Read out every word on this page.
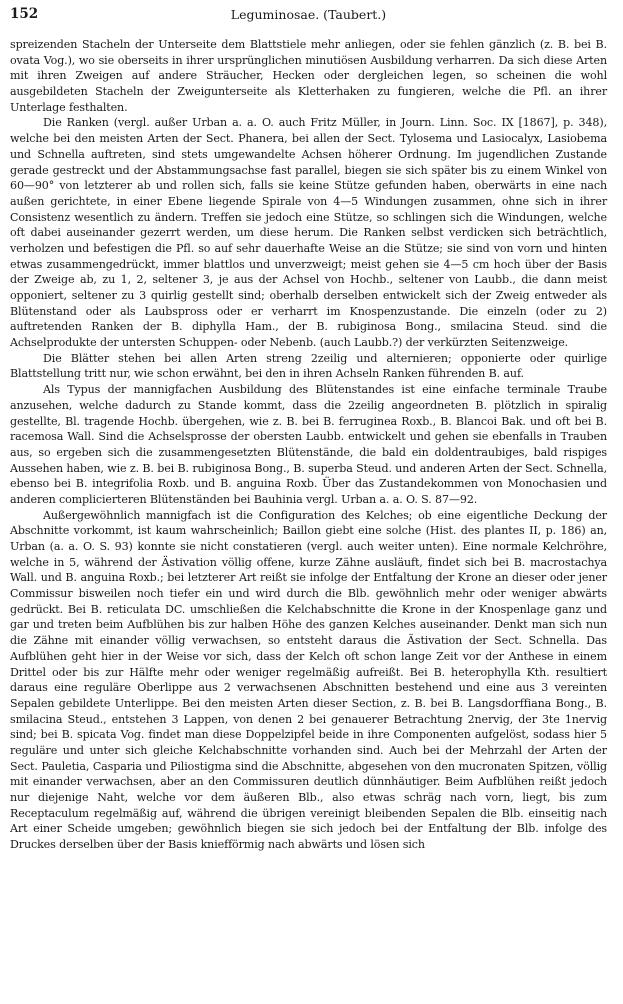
152	Leguminosae. (Taubert.)

spreizenden Stacheln der Unterseite dem Blattstiele mehr anliegen, oder sie fehlen gänzlich (z. B. bei B. ovata Vog.), wo sie oberseits in ihrer ursprünglichen minutiösen Ausbildung verharren. Da sich diese Arten mit ihren Zweigen auf andere Sträucher, Hecken oder dergleichen legen, so scheinen die wohl ausgebildeten Stacheln der Zweigunterseite als Kletterhaken zu fungieren, welche die Pfl. an ihrer Unterlage festhalten.

Die Ranken (vergl. außer Urban a. a. O. auch Fritz Müller, in Journ. Linn. Soc. IX [1867], p. 348), welche bei den meisten Arten der Sect. Phanera, bei allen der Sect. Tylosema und Lasiocalyx, Lasiobema und Schnella auftreten, sind stets umgewandelte Achsen höherer Ordnung. Im jugendlichen Zustande gerade gestreckt und der Abstammungsachse fast parallel, biegen sie sich später bis zu einem Winkel von 60—90° von letzterer ab und rollen sich, falls sie keine Stütze gefunden haben, oberwärts in eine nach außen gerichtete, in einer Ebene liegende Spirale von 4—5 Windungen zusammen, ohne sich in ihrer Consistenz wesentlich zu ändern. Treffen sie jedoch eine Stütze, so schlingen sich die Windungen, welche oft dabei auseinander gezerrt werden, um diese herum. Die Ranken selbst verdicken sich beträchtlich, verholzen und befestigen die Pfl. so auf sehr dauerhafte Weise an die Stütze; sie sind von vorn und hinten etwas zusammengedrückt, immer blattlos und unverzweigt; meist gehen sie 4—5 cm hoch über der Basis der Zweige ab, zu 1, 2, seltener 3, je aus der Achsel von Hochb., seltener von Laubb., die dann meist opponiert, seltener zu 3 quirlig gestellt sind; oberhalb derselben entwickelt sich der Zweig entweder als Blütenstand oder als Laubspross oder er verharrt im Knospenzustande. Die einzeln (oder zu 2) auftretenden Ranken der B. diphylla Ham., der B. rubiginosa Bong., smilacina Steud. sind die Achselprodukte der untersten Schuppen- oder Nebenb. (auch Laubb.?) der verkürzten Seitenzweige.

Die Blätter stehen bei allen Arten streng 2zeilig und alternieren; opponierte oder quirlige Blattstellung tritt nur, wie schon erwähnt, bei den in ihren Achseln Ranken führenden B. auf.

Als Typus der mannigfachen Ausbildung des Blütenstandes ist eine einfache terminale Traube anzusehen, welche dadurch zu Stande kommt, dass die 2zeilig angeordneten B. plötzlich in spiralig gestellte, Bl. tragende Hochb. übergehen, wie z. B. bei B. ferruginea Roxb., B. Blancoi Bak. und oft bei B. racemosa Wall. Sind die Achselsprosse der obersten Laubb. entwickelt und gehen sie ebenfalls in Trauben aus, so ergeben sich die zusammengesetzten Blütenstände, die bald ein doldentraubiges, bald rispiges Aussehen haben, wie z. B. bei B. rubiginosa Bong., B. superba Steud. und anderen Arten der Sect. Schnella, ebenso bei B. integrifolia Roxb. und B. anguina Roxb. Über das Zustandekommen von Monochasien und anderen complicierteren Blütenständen bei Bauhinia vergl. Urban a. a. O. S. 87—92.

Außergewöhnlich mannigfach ist die Configuration des Kelches; ob eine eigentliche Deckung der Abschnitte vorkommt, ist kaum wahrscheinlich; Baillon giebt eine solche (Hist. des plantes II, p. 186) an, Urban (a. a. O. S. 93) konnte sie nicht constatieren (vergl. auch weiter unten). Eine normale Kelchröhre, welche in 5, während der Ästivation völlig offene, kurze Zähne ausläuft, findet sich bei B. macrostachya Wall. und B. anguina Roxb.; bei letzterer Art reißt sie infolge der Entfaltung der Krone an dieser oder jener Commissur bisweilen noch tiefer ein und wird durch die Blb. gewöhnlich mehr oder weniger abwärts gedrückt. Bei B. reticulata DC. umschließen die Kelchabschnitte die Krone in der Knospenlage ganz und gar und treten beim Aufblühen bis zur halben Höhe des ganzen Kelches auseinander. Denkt man sich nun die Zähne mit einander völlig verwachsen, so entsteht daraus die Ästivation der Sect. Schnella. Das Aufblühen geht hier in der Weise vor sich, dass der Kelch oft schon lange Zeit vor der Anthese in einem Drittel oder bis zur Hälfte mehr oder weniger regelmäßig aufreißt. Bei B. heterophylla Kth. resultiert daraus eine reguläre Oberlippe aus 2 verwachsenen Abschnitten bestehend und eine aus 3 vereinten Sepalen gebildete Unterlippe. Bei den meisten Arten dieser Section, z. B. bei B. Langsdorffiana Bong., B. smilacina Steud., entstehen 3 Lappen, von denen 2 bei genauerer Betrachtung 2nervig, der 3te 1nervig sind; bei B. spicata Vog. findet man diese Doppelzipfel beide in ihre Componenten aufgelöst, sodass hier 5 reguläre und unter sich gleiche Kelchabschnitte vorhanden sind. Auch bei der Mehrzahl der Arten der Sect. Pauletia, Casparia und Piliostigma sind die Abschnitte, abgesehen von den mucronaten Spitzen, völlig mit einander verwachsen, aber an den Commissuren deutlich dünnhäutiger. Beim Aufblühen reißt jedoch nur diejenige Naht, welche vor dem äußeren Blb., also etwas schräg nach vorn, liegt, bis zum Receptaculum regelmäßig auf, während die übrigen vereinigt bleibenden Sepalen die Blb. einseitig nach Art einer Scheide umgeben; gewöhnlich biegen sie sich jedoch bei der Entfaltung der Blb. infolge des Druckes derselben über der Basis kniefförmig nach abwärts und lösen sich
